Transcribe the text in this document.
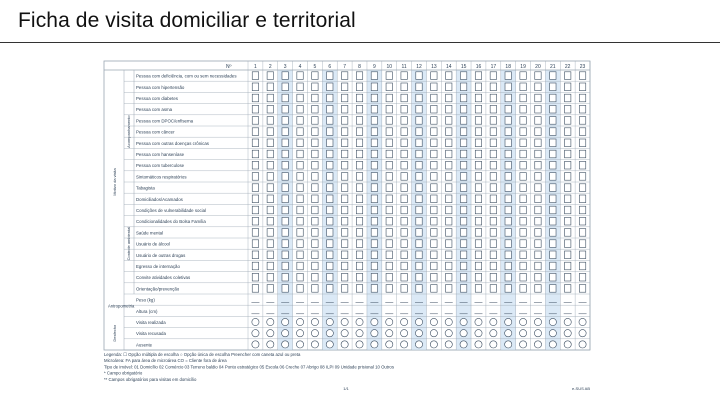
Ficha de visita domiciliar e territorial
Nº	1 2 3 4 5 6 7 8 9 10 11 12 13 14 15 16 17 18 19 20 21 22 23
Pessoa com deficiência, com ou sem necessidades
Pessoa com hipertensão
Pessoa com diabetes
Pessoa com asma
Pessoa com DPOC/enfisema
Pessoa com câncer
Pessoa com outras doenças crônicas
Pessoa com hanseníase
Pessoa com tuberculose
Sintomáticos respiratórios
Tabagista
Domiciliados/Acamados
Condições de vulnerabilidade social
Condicionalidades do Bolsa Família
Saúde mental
Usuário de álcool
Usuário de outras drogas
Egresso de internação
Convite atividades coletivas
Orientação/prevenção
Peso (kg)
Altura (cm)
Visita realizada
Visita recusada
Ausente
Motivo da visita
Acompanhamento
Controle ambiental
Desfecho
Antropometria
Legenda: ☐ Opção múltipla de escolha ○ Opção única de escolha Preencher com caneta azul ou preta
Microárea: FA para área de microárea CO = Cliente fora de área
Tipo de imóvel: 01 Domicílio 02 Comércio 03 Terreno baldio 04 Ponto estratégico 05 Escola 06 Creche 07 Abrigo 08 ILPI 09 Unidade prisional 10 Outros
* Campo obrigatório
** Campos obrigatórios para visitas em domicílio
1/1	e-SUS AB
